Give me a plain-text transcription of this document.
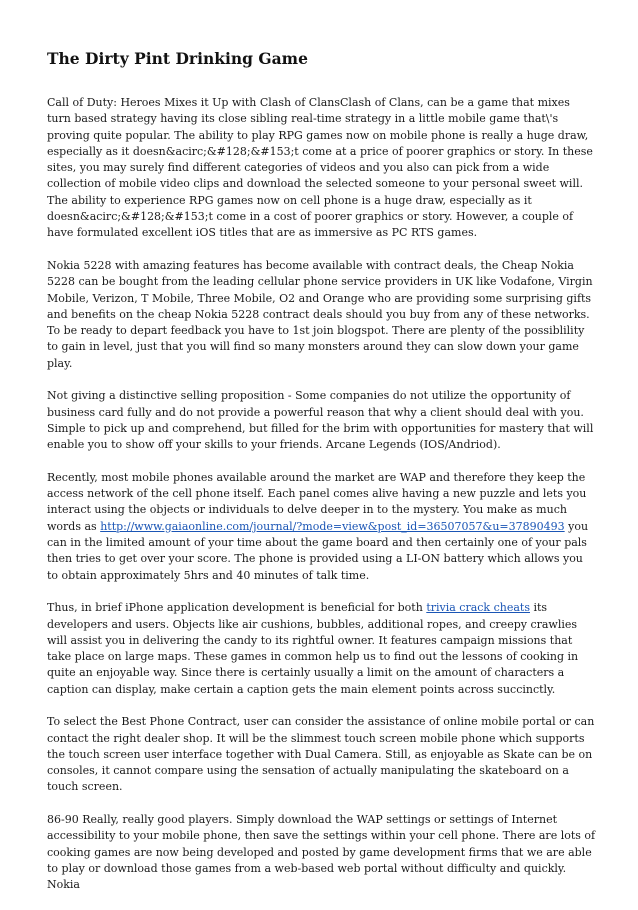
The Dirty Pint Drinking Game

Call of Duty: Heroes Mixes it Up with Clash of ClansClash of Clans, can be a game that mixes turn based strategy having its close sibling real-time strategy in a little mobile game that\'s proving quite popular. The ability to play RPG games now on mobile phone is really a huge draw, especially as it doesn&acirc;&#128;&#153;t come at a price of poorer graphics or story. In these sites, you may surely find different categories of videos and you also can pick from a wide collection of mobile video clips and download the selected someone to your personal sweet will. The ability to experience RPG games now on cell phone is a huge draw, especially as it doesn&acirc;&#128;&#153;t come in a cost of poorer graphics or story. However, a couple of have formulated excellent iOS titles that are as immersive as PC RTS games.

Nokia 5228 with amazing features has become available with contract deals, the Cheap Nokia 5228 can be bought from the leading cellular phone service providers in UK like Vodafone, Virgin Mobile, Verizon, T Mobile, Three Mobile, O2 and Orange who are providing some surprising gifts and benefits on the cheap Nokia 5228 contract deals should you buy from any of these networks. To be ready to depart feedback you have to 1st join blogspot. There are plenty of the possiblility to gain in level, just that you will find so many monsters around they can slow down your game play.

Not giving a distinctive selling proposition - Some companies do not utilize the opportunity of business card fully and do not provide a powerful reason that why a client should deal with you. Simple to pick up and comprehend, but filled for the brim with opportunities for mastery that will enable you to show off your skills to your friends. Arcane Legends (IOS/Andriod).

Recently, most mobile phones available around the market are WAP and therefore they keep the access network of the cell phone itself. Each panel comes alive having a new puzzle and lets you interact using the objects or individuals to delve deeper in to the mystery. You make as much words as http://www.gaiaonline.com/journal/?mode=view&post_id=36507057&u=37890493 you can in the limited amount of your time about the game board and then certainly one of your pals then tries to get over your score. The phone is provided using a LI-ON battery which allows you to obtain approximately 5hrs and 40 minutes of talk time.

Thus, in brief iPhone application development is beneficial for both trivia crack cheats its developers and users. Objects like air cushions, bubbles, additional ropes, and creepy crawlies will assist you in delivering the candy to its rightful owner. It features campaign missions that take place on large maps. These games in common help us to find out the lessons of cooking in quite an enjoyable way. Since there is certainly usually a limit on the amount of characters a caption can display, make certain a caption gets the main element points across succinctly.

To select the Best Phone Contract, user can consider the assistance of online mobile portal or can contact the right dealer shop. It will be the slimmest touch screen mobile phone which supports the touch screen user interface together with Dual Camera. Still, as enjoyable as Skate can be on consoles, it cannot compare using the sensation of actually manipulating the skateboard on a touch screen.

86-90 Really, really good players. Simply download the WAP settings or settings of Internet accessibility to your mobile phone, then save the settings within your cell phone. There are lots of cooking games are now being developed and posted by game development firms that we are able to play or download those games from a web-based web portal without difficulty and quickly. Nokia
